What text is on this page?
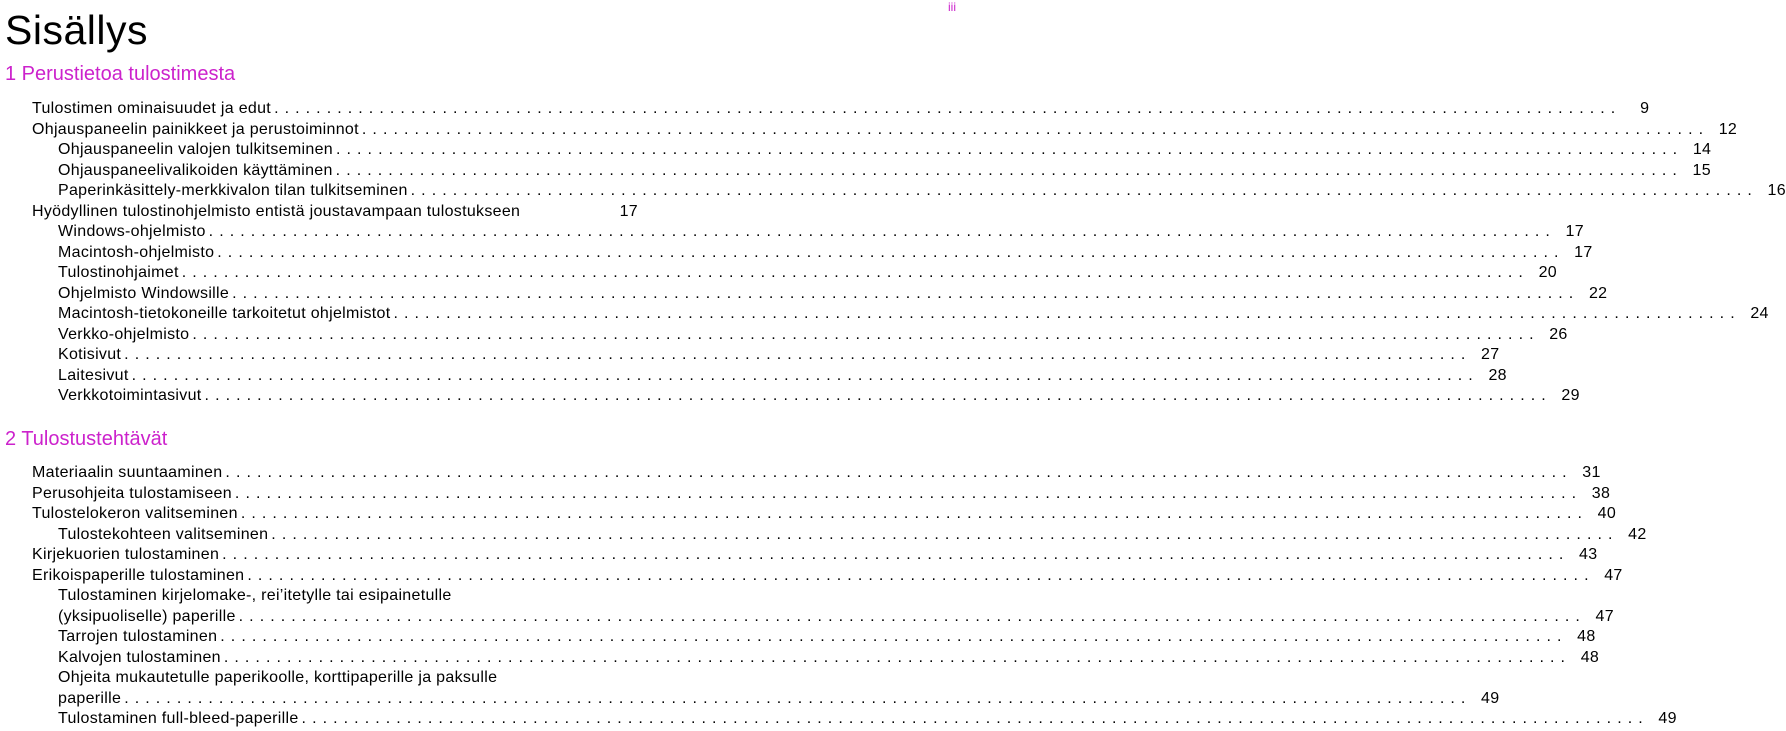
iii
Sisällys
1 Perustietoa tulostimesta
Tulostimen ominaisuudet ja edut ................................................................................................................................	9
Ohjauspaneelin painikkeet ja perustoiminnot ................................................................................................................................ 12
Ohjauspaneelin valojen tulkitseminen ................................................................................................................................ 14
Ohjauspaneelivalikoiden käyttäminen ................................................................................................................................ 15
Paperinkäsittely-merkkivalon tilan tulkitseminen ................................................................................................................................ 16
Hyödyllinen tulostinohjelmisto entistä joustavampaan tulostukseen	17
Windows-ohjelmisto ................................................................................................................................ 17
Macintosh-ohjelmisto ................................................................................................................................ 17
Tulostinohjaimet ................................................................................................................................ 20
Ohjelmisto Windowsille ................................................................................................................................ 22
Macintosh-tietokoneille tarkoitetut ohjelmistot ................................................................................................................................ 24
Verkko-ohjelmisto ................................................................................................................................ 26
Kotisivut ................................................................................................................................ 27
Laitesivut ................................................................................................................................ 28
Verkkotoimintasivut ................................................................................................................................ 29
2 Tulostustehtävät
Materiaalin suuntaaminen ................................................................................................................................ 31
Perusohjeita tulostamiseen ................................................................................................................................ 38
Tulostelokeron valitseminen ................................................................................................................................ 40
Tulostekohteen valitseminen ................................................................................................................................ 42
Kirjekuorien tulostaminen ................................................................................................................................ 43
Erikoispaperille tulostaminen ................................................................................................................................ 47
Tulostaminen kirjelomake-, rei’itetylle tai esipainetulle
(yksipuoliselle) paperille ................................................................................................................................ 47
Tarrojen tulostaminen ................................................................................................................................ 48
Kalvojen tulostaminen ................................................................................................................................ 48
Ohjeita mukautetulle paperikoolle, korttipaperille ja paksulle
paperille ................................................................................................................................ 49
Tulostaminen full-bleed-paperille ................................................................................................................................ 49
